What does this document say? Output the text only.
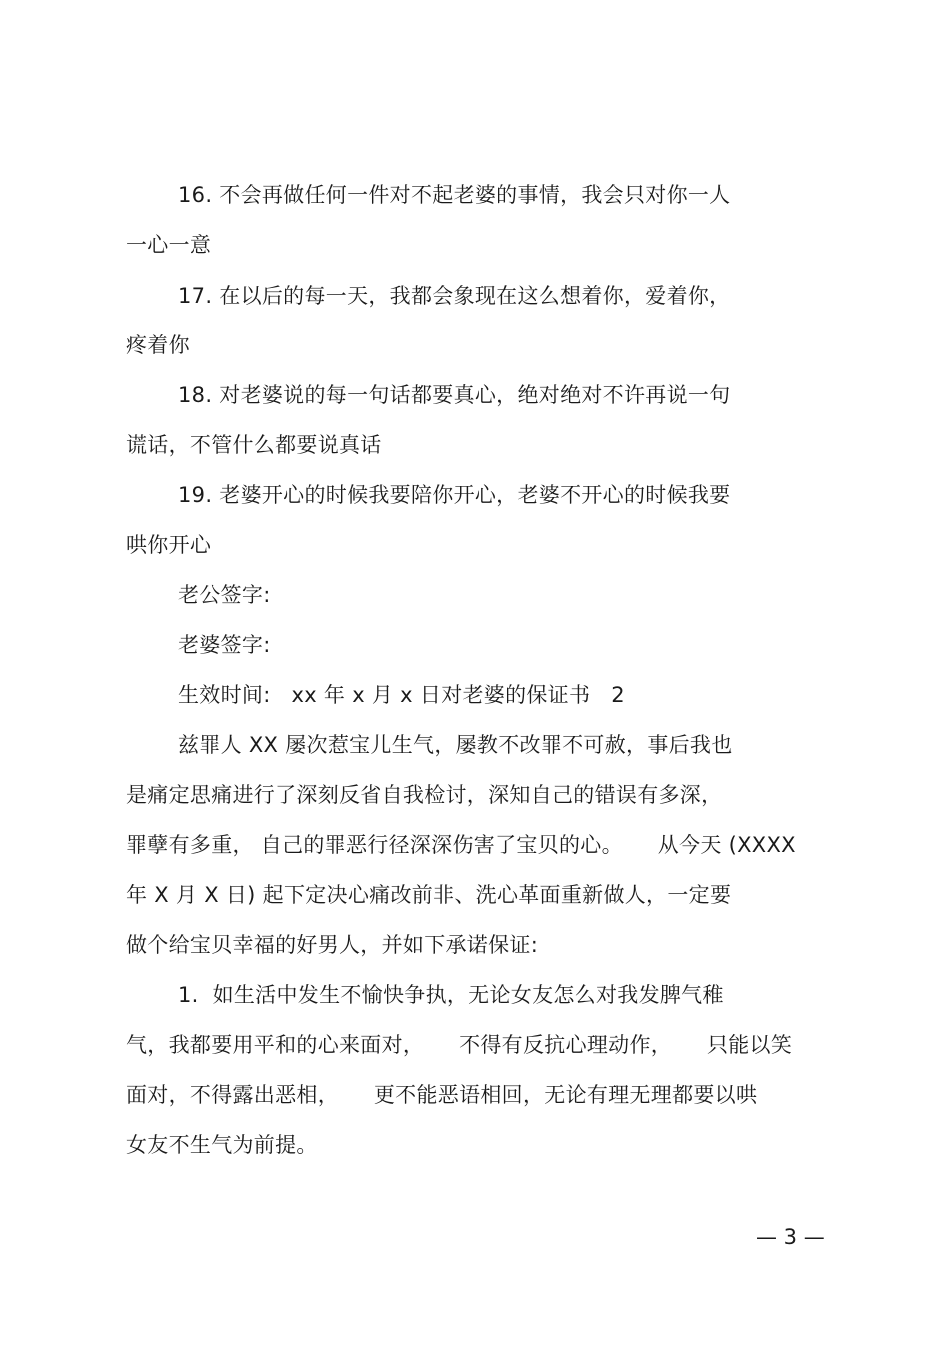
16. 不会再做任何一件对不起老婆的事情，我会只对你一人
一心一意
17. 在以后的每一天，我都会象现在这么想着你，爱着你，
疼着你
18. 对老婆说的每一句话都要真心，绝对绝对不许再说一句
谎话，不管什么都要说真话
19. 老婆开心的时候我要陪你开心，老婆不开心的时候我要
哄你开心
老公签字:
老婆签字:
生效时间:   xx 年 x 月 x 日对老婆的保证书   2
兹罪人 XX 屡次惹宝儿生气，屡教不改罪不可赦，事后我也
是痛定思痛进行了深刻反省自我检讨，深知自己的错误有多深，
罪孽有多重， 自己的罪恶行径深深伤害了宝贝的心。     从今天 (XXXX
年 X 月 X 日) 起下定决心痛改前非、洗心革面重新做人，一定要
做个给宝贝幸福的好男人，并如下承诺保证:
1.  如生活中发生不愉快争执，无论女友怎么对我发脾气稚
气，我都要用平和的心来面对，     不得有反抗心理动作，     只能以笑
面对，不得露出恶相，     更不能恶语相回，无论有理无理都要以哄
女友不生气为前提。
— 3 —
